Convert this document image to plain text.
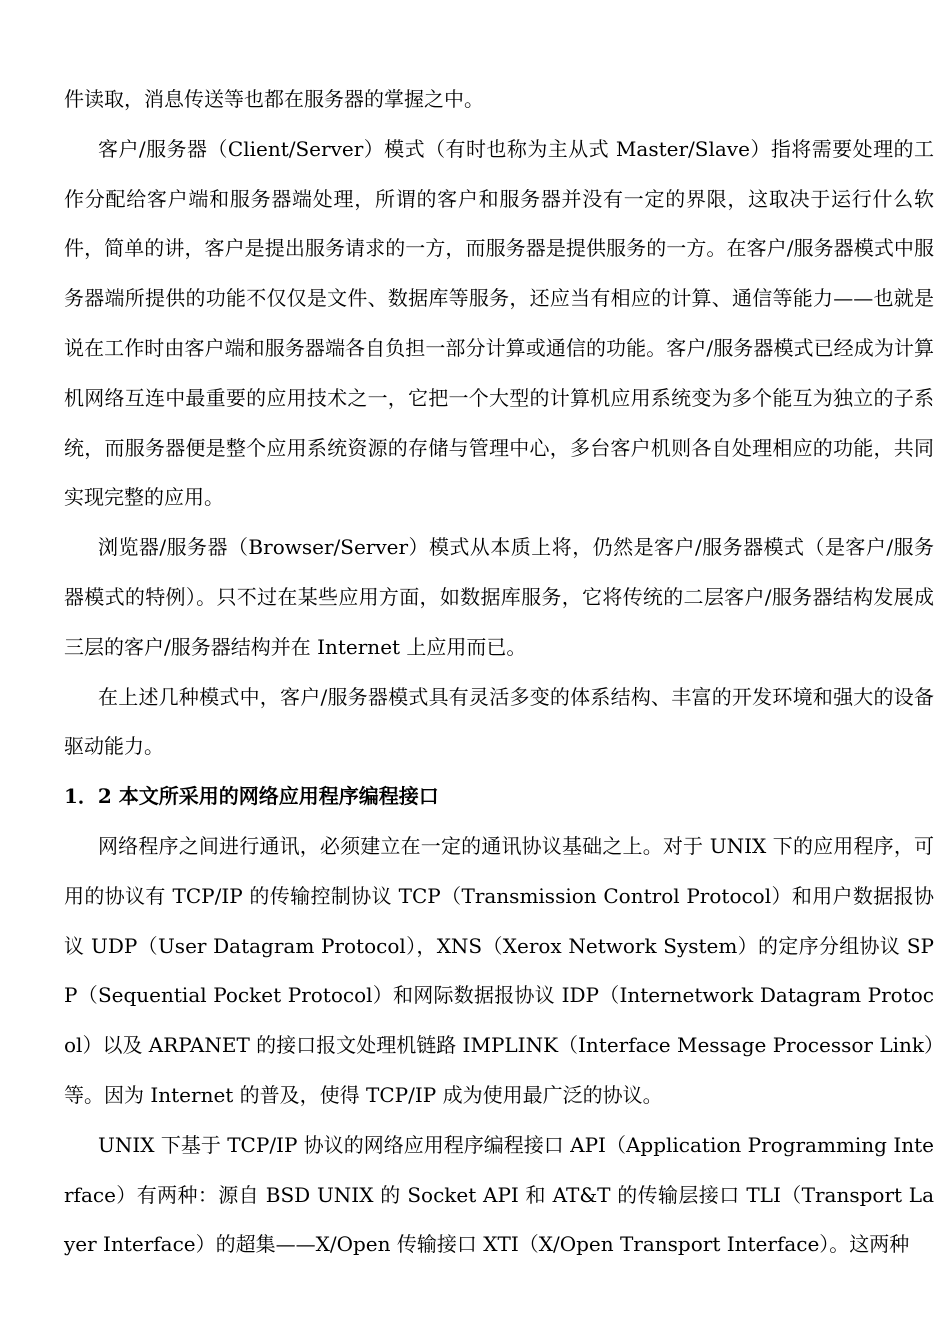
件读取，消息传送等也都在服务器的掌握之中。

客户/服务器（Client/Server）模式（有时也称为主从式 Master/Slave）指将需要处理的工作分配给客户端和服务器端处理，所谓的客户和服务器并没有一定的界限，这取决于运行什么软件，简单的讲，客户是提出服务请求的一方，而服务器是提供服务的一方。在客户/服务器模式中服务器端所提供的功能不仅仅是文件、数据库等服务，还应当有相应的计算、通信等能力——也就是说在工作时由客户端和服务器端各自负担一部分计算或通信的功能。客户/服务器模式已经成为计算机网络互连中最重要的应用技术之一，它把一个大型的计算机应用系统变为多个能互为独立的子系统，而服务器便是整个应用系统资源的存储与管理中心，多台客户机则各自处理相应的功能，共同实现完整的应用。

浏览器/服务器（Browser/Server）模式从本质上将，仍然是客户/服务器模式（是客户/服务器模式的特例）。只不过在某些应用方面，如数据库服务，它将传统的二层客户/服务器结构发展成三层的客户/服务器结构并在 Internet 上应用而已。

在上述几种模式中，客户/服务器模式具有灵活多变的体系结构、丰富的开发环境和强大的设备驱动能力。

1．2 本文所采用的网络应用程序编程接口

网络程序之间进行通讯，必须建立在一定的通讯协议基础之上。对于 UNIX 下的应用程序，可用的协议有 TCP/IP 的传输控制协议 TCP（Transmission Control Protocol）和用户数据报协议 UDP（User Datagram Protocol），XNS（Xerox Network System）的定序分组协议 SPP（Sequential Pocket Protocol）和网际数据报协议 IDP（Internetwork Datagram Protocol）以及 ARPANET 的接口报文处理机链路 IMPLINK（Interface Message Processor Link）等。因为 Internet 的普及，使得 TCP/IP 成为使用最广泛的协议。

UNIX 下基于 TCP/IP 协议的网络应用程序编程接口 API（Application Programming Interface）有两种：源自 BSD UNIX 的 Socket API 和 AT&T 的传输层接口 TLI（Transport Layer Interface）的超集——X/Open 传输接口 XTI（X/Open Transport Interface）。这两种
